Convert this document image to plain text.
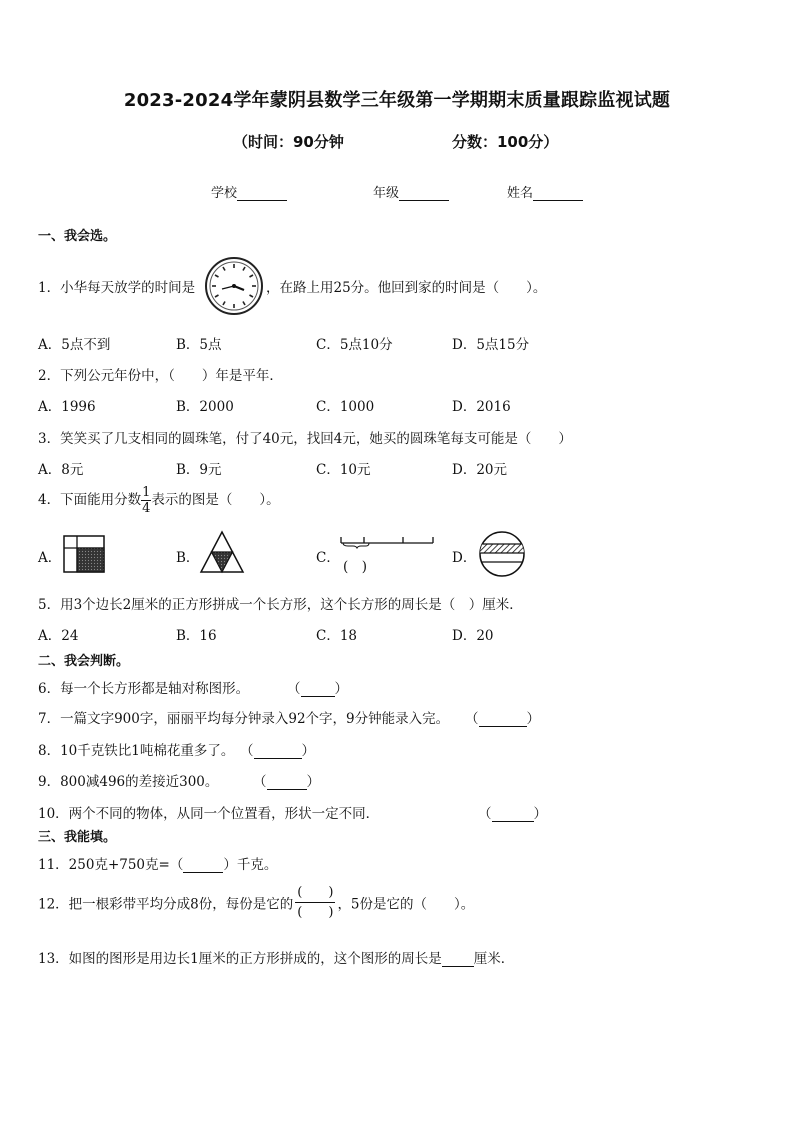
2023-2024学年蒙阴县数学三年级第一学期期末质量跟踪监视试题
（时间：90分钟	分数：100分）
学校	年级	姓名
一、我会选。
1．小华每天放学的时间是	，在路上用25分。他回到家的时间是（　　）。
A．5点不到	B．5点	C．5点10分	D．5点15分
2．下列公元年份中，（　　）年是平年．
A．1996	B．2000	C．1000	D．2016
3．笑笑买了几支相同的圆珠笔，付了40元，找回4元，她买的圆珠笔每支可能是（　　）
A．8元	B．9元	C．10元	D．20元
4．下面能用分数 $\frac{1}{4}$ 表示的图是（　　）。
A．	B．	C．
(　)
D．
5．用3个边长2厘米的正方形拼成一个长方形，这个长方形的周长是（　）厘米．
A．24	B．16	C．18	D．20
二、我会判断。
6．每一个长方形都是轴对称图形。	（	）
7．一篇文字900字，丽丽平均每分钟录入92个字，9分钟能录入完。 （	）
8．10千克铁比1吨棉花重多了。 （	）
9．800减496的差接近300。	（	）
10．两个不同的物体，从同一个位置看，形状一定不同．	（	）
三、我能填。
11．250克+750克=（	）千克。
12．把一根彩带平均分成8份，每份是它的 $\frac{( )}{( )}$ ，5份是它的（　　）。
13．如图的图形是用边长1厘米的正方形拼成的，这个图形的周长是 厘米．
